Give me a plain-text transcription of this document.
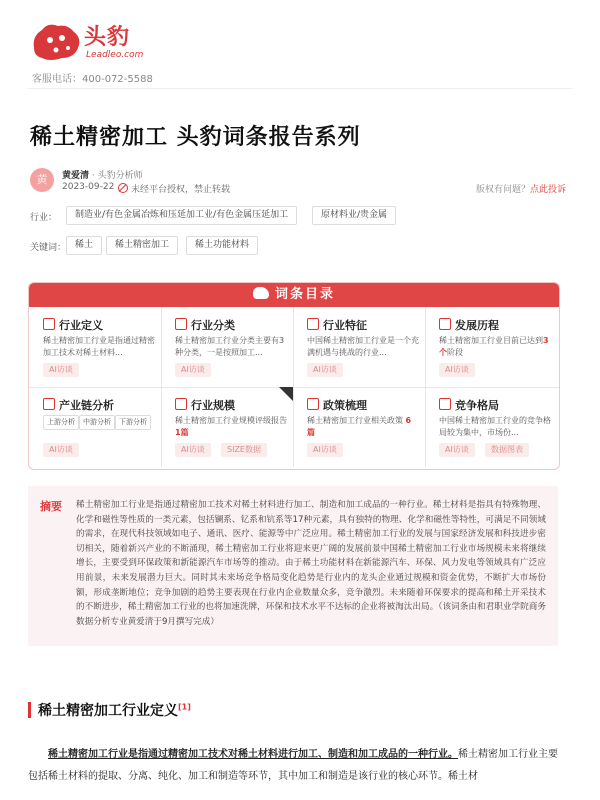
头豹
Leadleo.com
客服电话：400-072-5588
稀土精密加工 头豹词条报告系列
黄	黄爱清 · 头豹分析师
2023-09-22	未经平台授权，禁止转载	版权有问题？点此投诉
行业：	制造业/有色金属冶炼和压延加工业/有色金属压延加工	原材料业/贵金属
关键词： 稀土	稀土精密加工	稀土功能材料
词条目录
行业定义
稀土精密加工行业是指通过精密加工技术对稀土材料...
AI访谈
行业分类
稀土精密加工行业分类主要有3种分类，一是按照加工...
AI访谈
行业特征
中国稀土精密加工行业是一个充满机遇与挑战的行业...
AI访谈
发展历程
稀土精密加工行业目前已达到3个阶段
AI访谈
产业链分析
上游分析	中游分析	下游分析
AI访谈
行业规模
稀土精密加工行业规模评级报告 1篇
AI访谈	SIZE数据
政策梳理
稀土精密加工行业相关政策 6篇
AI访谈
竞争格局
中国稀土精密加工行业的竞争格局较为集中，市场份...
AI访谈	数据图表
摘要 稀土精密加工行业是指通过精密加工技术对稀土材料进行加工、制造和加工成品的一种行业。稀土材料是指具有特殊物理、化学和磁性等性质的一类元素，包括镧系、钇系和钪系等17种元素，具有独特的物理、化学和磁性等特性，可满足不同领域的需求，在现代科技领域如电子、通讯、医疗、能源等中广泛应用。稀土精密加工行业的发展与国家经济发展和科技进步密切相关，随着新兴产业的不断涌现，稀土精密加工行业将迎来更广阔的发展前景中国稀土精密加工行业市场规模未来将继续增长，主要受到环保政策和新能源汽车市场等的推动。由于稀土功能材料在新能源汽车、环保、风力发电等领域具有广泛应用前景，未来发展潜力巨大。同时其未来场竞争格局变化趋势是行业内的龙头企业通过规模和资金优势，不断扩大市场份额，形成垄断地位；竞争加剧的趋势主要表现在行业内企业数量众多，竞争激烈。未来随着环保要求的提高和稀土开采技术的不断进步，稀土精密加工行业的也将加速洗牌，环保和技术水平不达标的企业将被淘汰出局。（该词条由和君职业学院商务数据分析专业黄爱清于9月撰写完成）
稀土精密加工行业定义[1]
稀土精密加工行业是指通过精密加工技术对稀土材料进行加工、制造和加工成品的一种行业。稀土精密加工行业主要包括稀土材料的提取、分离、纯化、加工和制造等环节，其中加工和制造是该行业的核心环节。稀土材
